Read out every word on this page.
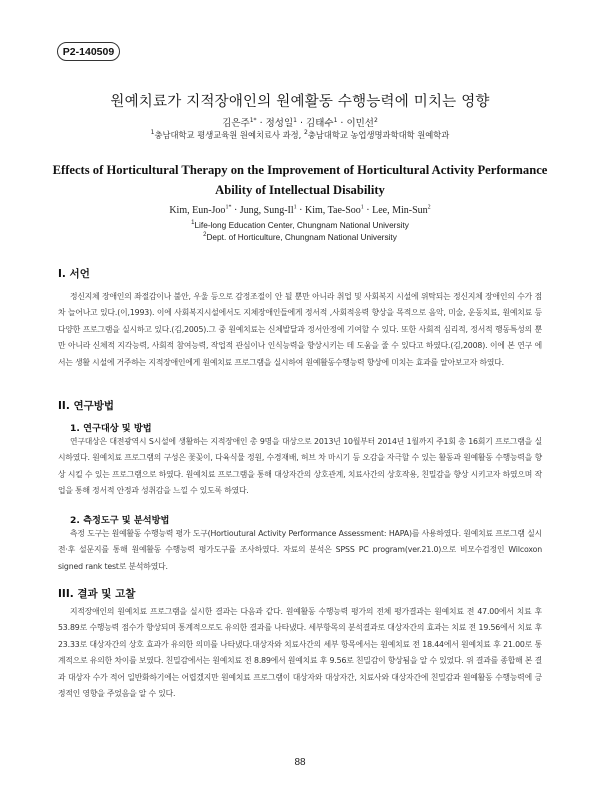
P2-140509
원예치료가 지적장애인의 원예활동 수행능력에 미치는 영향
김은주$^{1*}$ · 정성일$^1$ · 김태수$^1$ · 이민선$^2$
$^1$충남대학교 평생교육원 원예치료사 과정, $^2$충남대학교 농업생명과학대학 원예학과
Effects of Horticultural Therapy on the Improvement of Horticultural Activity Performance
Ability of Intellectual Disability
Kim, Eun-Joo$^{1*}$ · Jung, Sung-$Il^1$ · Kim, Tae-Soo$^1$ · Lee, Min-Sun$^2$
$^1$Life-long Education Center, Chungnam National University
$^2$Dept. of Horticulture, Chungnam National University
I. 서언
정신지체 장애인의 좌절감이나 불안, 우울 등으로 감정조절이 안 될 뿐만 아니라 취업 및 사회복지 시설에 위탁되는 정신지체 장애인의 수가 점차 늘어나고 있다.(이,1993). 이에 사회복지시설에서도 지체장애인들에게 정서적 ,사회적응력 향상을 목적으로 음악, 미술, 운동치료, 원예치료 등 다양한 프로그램을 실시하고 있다.(김,2005).그 중 원예치료는 신체발달과 정서안정에 기여할 수 있다. 또한 사회적 심리적, 정서적 행동특성의 뿐만 아니라 신체적 지각능력, 사회적 참여능력, 작업적 관심이나 인식능력을 향상시키는 데 도움을 줄 수 있다고 하였다.(김,2008). 이에 본 연구 에서는 생활 시설에 거주하는 지적장애인에게 원예치료 프로그램을 실시하여 원예활동수행능력 향상에 미치는 효과를 알아보고자 하였다.
II. 연구방법
1. 연구대상 및 방법
연구대상은 대전광역시 S시설에 생활하는 지적장애인 총 9명을 대상으로 2013년 10월부터 2014년 1월까지 주1회 총 16회기 프로그램을 실시하였다. 원예치료 프로그램의 구성은 꽃꽂이, 다육식물 정원, 수경재배, 허브 차 마시기 등 오감을 자극할 수 있는 활동과 원예활동 수행능력을 향상 시킬 수 있는 프로그램으로 하였다. 원예치료 프로그램을 통해 대상자간의 상호관계, 치료사간의 상호작용, 친밀감을 향상 시키고자 하였으며 작업을 통해 정서적 안정과 성취감을 느낄 수 있도록 하였다.
2. 측정도구 및 분석방법
측정 도구는 원예활동 수행능력 평가 도구(Hortioutural Activity Performance Assessment: HAPA)를 사용하였다. 원예치료 프로그램 실시 전·후 설문지를 통해 원예활동 수행능력 평가도구를 조사하였다. 자료의 분석은 SPSS PC program(ver.21.0)으로 비모수검정인 Wilcoxon signed rank test로 분석하였다.
III. 결과 및 고찰
지적장애인의 원예치료 프로그램을 실시한 결과는 다음과 같다. 원예활동 수행능력 평가의 전체 평가결과는 원예치료 전 47.00에서 치료 후 53.89로 수행능력 점수가 향상되며 통계적으로도 유의한 결과를 나타냈다. 세부항목의 분석결과로 대상자간의 효과는 치료 전 19.56에서 치료 후 23.33로 대상자간의 상호 효과가 유의한 의미를 나타냈다.대상자와 치료사간의 세부 항목에서는 원예치료 전 18.44에서 원예치료 후 21.00로 통계적으로 유의한 차이를 보였다. 친밀감에서는 원예치료 전 8.89에서 원예치료 후 9.56로 친밀감이 향상됨을 알 수 있었다. 위 결과를 종합해 본 결과 대상자 수가 적어 일반화하기에는 어렵겠지만 원예치료 프로그램이 대상자와 대상자간, 치료사와 대상자간에 친밀감과 원예활동 수행능력에 긍정적인 영향을 주었음을 알 수 있다.
88
